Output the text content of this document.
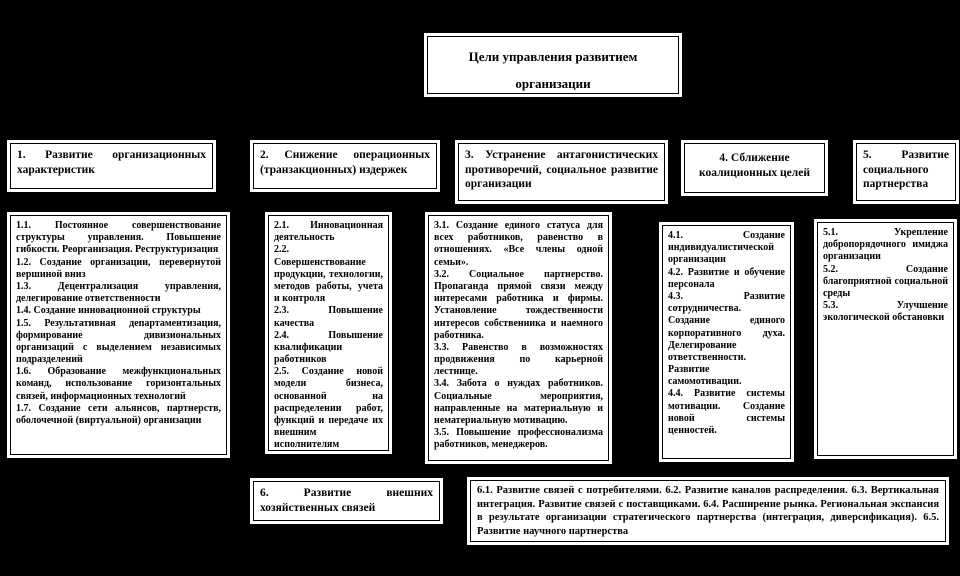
Цели управления развитием
организации
1. Развитие организационных характеристик
2. Снижение операционных (транзакционных) издержек
3. Устранение антагонистических противоречий, социальное развитие организации
4. Сближение коалиционных целей
5. Развитие социального партнерства

1.1. Постоянное совершенствование структуры управления. Повышение гибкости. Реорганизация. Реструктуризация

1.2. Создание организации, перевернутой вершиной вниз

1.3. Децентрализация управления, делегирование ответственности

1.4. Создание инновационной структуры

1.5. Результативная департаментизация, формирование дивизиональных организаций с выделением независимых подразделений

1.6. Образование межфункциональных команд, использование горизонтальных связей, информационных технологий

1.7. Создание сети альянсов, партнерств, оболочечной (виртуальной) организации

2.1. Инновационная деятельность

2.2. Совершенствование продукции, технологии, методов работы, учета и контроля

2.3. Повышение качества

2.4. Повышение квалификации работников

2.5. Создание новой модели бизнеса, основанной на распределении работ, функций и передаче их внешним исполнителям

3.1. Создание единого статуса для всех работников, равенство в отношениях. «Все члены одной семьи».

3.2. Социальное партнерство. Пропаганда прямой связи между интересами работника и фирмы. Установление тождественности интересов собственника и наемного работника.

3.3. Равенство в возможностях продвижения по карьерной лестнице.

3.4. Забота о нуждах работников. Социальные мероприятия, направленные на материальную и нематериальную мотивацию.

3.5. Повышение профессионализма работников, менеджеров.

4.1. Создание индивидуалистической организации

4.2. Развитие и обучение персонала

4.3. Развитие сотрудничества. Создание единого корпоративного духа. Делегирование ответственности. Развитие самомотивации.

4.4. Развитие системы мотивации. Создание новой системы ценностей.

5.1. Укрепление добропорядочного имиджа организации

5.2. Создание благоприятной социальной среды

5.3. Улучшение экологической обстановки

6. Развитие внешних хозяйственных связей
6.1. Развитие связей с потребителями. 6.2. Развитие каналов распределения. 6.3. Вертикальная интеграция. Развитие связей с поставщиками. 6.4. Расширение рынка. Региональная экспансия в результате организации стратегического партнерства (интеграция, диверсификация). 6.5. Развитие научного партнерства
